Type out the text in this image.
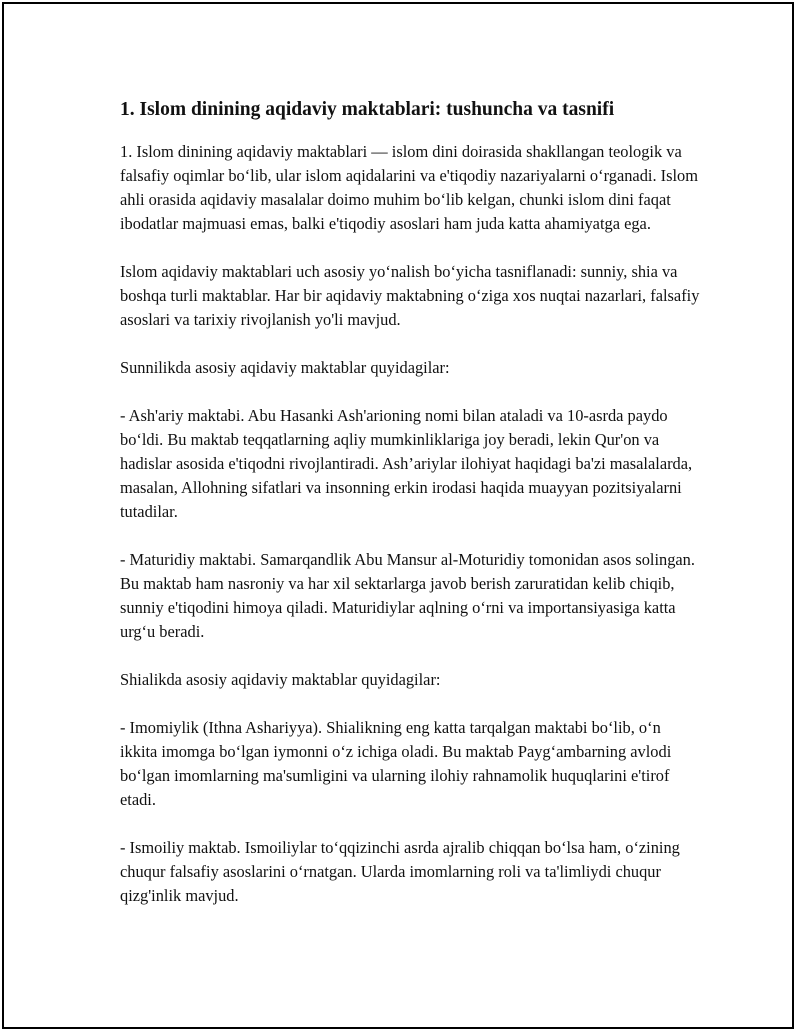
1. Islom dinining aqidaviy maktablari: tushuncha va tasnifi

1. Islom dinining aqidaviy maktablari — islom dini doirasida shakllangan teologik va falsafiy oqimlar boʻlib, ular islom aqidalarini va e'tiqodiy nazariyalarni oʻrganadi. Islom ahli orasida aqidaviy masalalar doimo muhim boʻlib kelgan, chunki islom dini faqat ibodatlar majmuasi emas, balki e'tiqodiy asoslari ham juda katta ahamiyatga ega.

Islom aqidaviy maktablari uch asosiy yoʻnalish boʻyicha tasniflanadi: sunniy, shia va boshqa turli maktablar. Har bir aqidaviy maktabning oʻziga xos nuqtai nazarlari, falsafiy asoslari va tarixiy rivojlanish yo'li mavjud.

Sunnilikda asosiy aqidaviy maktablar quyidagilar:

- Ash'ariy maktabi. Abu Hasanki Ash'arioning nomi bilan ataladi va 10-asrda paydo boʻldi. Bu maktab teqqatlarning aqliy mumkinliklariga joy beradi, lekin Qur'on va hadislar asosida e'tiqodni rivojlantiradi. Ash’ariylar ilohiyat haqidagi ba'zi masalalarda, masalan, Allohning sifatlari va insonning erkin irodasi haqida muayyan pozitsiyalarni tutadilar.

- Maturidiy maktabi. Samarqandlik Abu Mansur al-Moturidiy tomonidan asos solingan. Bu maktab ham nasroniy va har xil sektarlarga javob berish zaruratidan kelib chiqib, sunniy e'tiqodini himoya qiladi. Maturidiylar aqlning oʻrni va importansiyasiga katta urgʻu beradi.

Shialikda asosiy aqidaviy maktablar quyidagilar:

- Imomiylik (Ithna Ashariyya). Shialikning eng katta tarqalgan maktabi boʻlib, oʻn ikkita imomga boʻlgan iymonni oʻz ichiga oladi. Bu maktab Paygʻambarning avlodi boʻlgan imomlarning ma'sumligini va ularning ilohiy rahnamolik huquqlarini e'tirof etadi.

- Ismoiliy maktab. Ismoiliylar toʻqqizinchi asrda ajralib chiqqan boʻlsa ham, oʻzining chuqur falsafiy asoslarini oʻrnatgan. Ularda imomlarning roli va ta'limliydi chuqur qizg'inlik mavjud.
